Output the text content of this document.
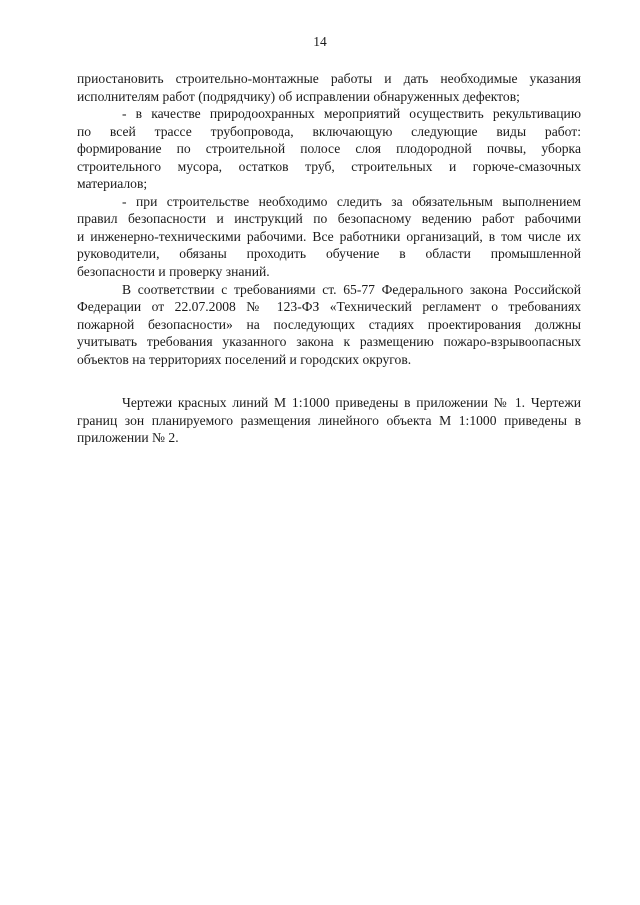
14
приостановить строительно-монтажные работы и дать необходимые указания
исполнителям работ (подрядчику) об исправлении обнаруженных дефектов;
- в качестве природоохранных мероприятий осуществить рекультивацию
по всей трассе трубопровода, включающую следующие виды работ:
формирование по строительной полосе слоя плодородной почвы, уборка
строительного мусора, остатков труб, строительных и горюче-смазочных
материалов;
- при строительстве необходимо следить за обязательным выполнением
правил безопасности и инструкций по безопасному ведению работ рабочими
и инженерно-техническими рабочими. Все работники организаций, в том числе их
руководители, обязаны проходить обучение в области промышленной
безопасности и проверку знаний.
В соответствии с требованиями ст. 65-77 Федерального закона Российской
Федерации от 22.07.2008 № 123-ФЗ «Технический регламент о требованиях
пожарной безопасности» на последующих стадиях проектирования должны
учитывать требования указанного закона к размещению пожаро-взрывоопасных
объектов на территориях поселений и городских округов.
Чертежи красных линий М 1:1000 приведены в приложении № 1. Чертежи
границ зон планируемого размещения линейного объекта М 1:1000 приведены в
приложении № 2.
